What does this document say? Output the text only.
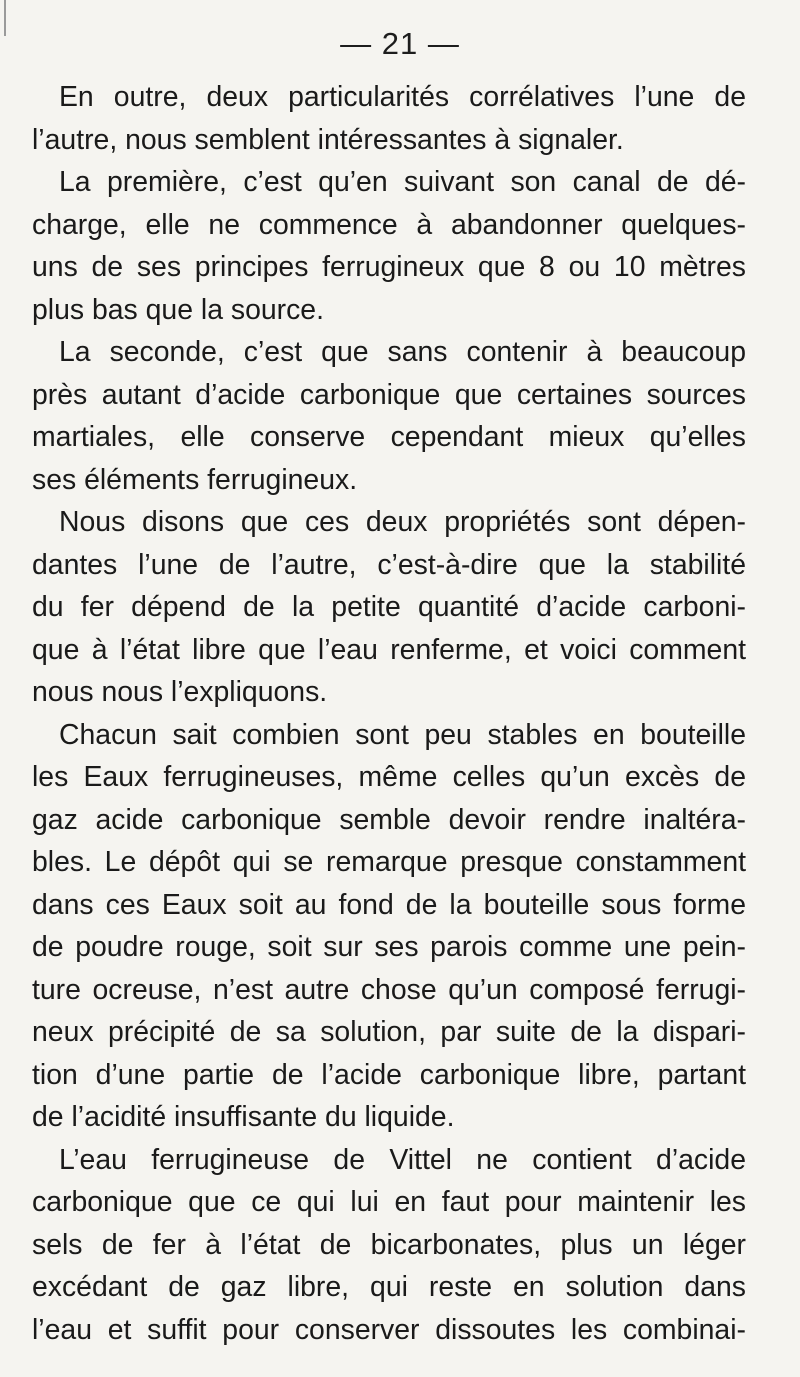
— 21 —
En outre, deux particularités corrélatives l’une de
l’autre, nous semblent intéressantes à signaler.
La première, c’est qu’en suivant son canal de dé-
charge, elle ne commence à abandonner quelques-
uns de ses principes ferrugineux que 8 ou 10 mètres
plus bas que la source.
La seconde, c’est que sans contenir à beaucoup
près autant d’acide carbonique que certaines sources
martiales, elle conserve cependant mieux qu’elles
ses éléments ferrugineux.
Nous disons que ces deux propriétés sont dépen-
dantes l’une de l’autre, c’est-à-dire que la stabilité
du fer dépend de la petite quantité d’acide carboni-
que à l’état libre que l’eau renferme, et voici comment
nous nous l’expliquons.
Chacun sait combien sont peu stables en bouteille
les Eaux ferrugineuses, même celles qu’un excès de
gaz acide carbonique semble devoir rendre inaltéra-
bles. Le dépôt qui se remarque presque constamment
dans ces Eaux soit au fond de la bouteille sous forme
de poudre rouge, soit sur ses parois comme une pein-
ture ocreuse, n’est autre chose qu’un composé ferrugi-
neux précipité de sa solution, par suite de la dispari-
tion d’une partie de l’acide carbonique libre, partant
de l’acidité insuffisante du liquide.
L’eau ferrugineuse de Vittel ne contient d’acide
carbonique que ce qui lui en faut pour maintenir les
sels de fer à l’état de bicarbonates, plus un léger
excédant de gaz libre, qui reste en solution dans
l’eau et suffit pour conserver dissoutes les combinai-
